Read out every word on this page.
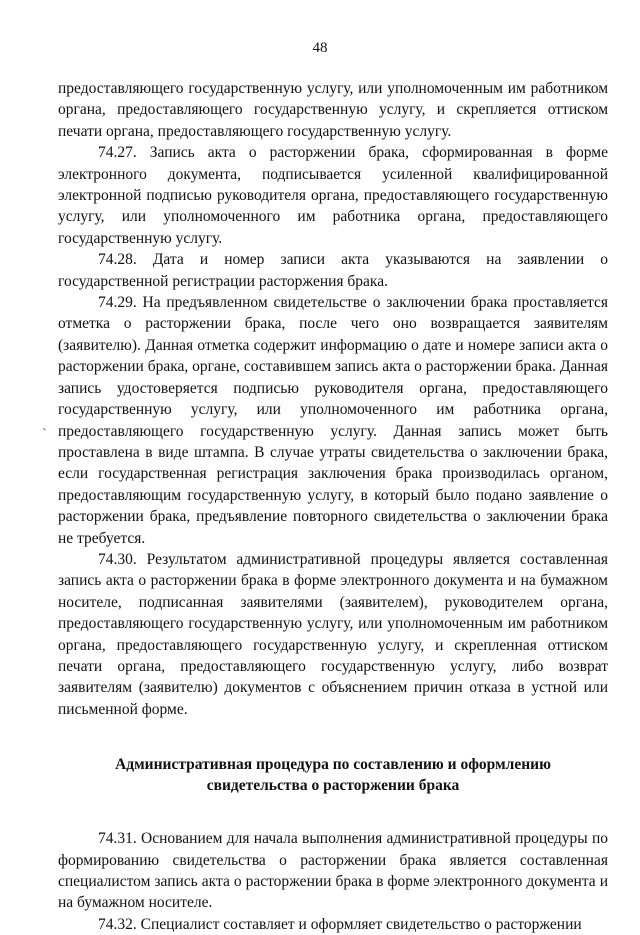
48
ˋ

предоставляющего государственную услугу, или уполномоченным им работником органа, предоставляющего государственную услугу, и скрепляется оттиском печати органа, предоставляющего государственную услугу.

74.27. Запись акта о расторжении брака, сформированная в форме электронного документа, подписывается усиленной квалифицированной электронной подписью руководителя органа, предоставляющего государственную услугу, или уполномоченного им работника органа, предоставляющего государственную услугу.

74.28. Дата и номер записи акта указываются на заявлении о государственной регистрации расторжения брака.

74.29. На предъявленном свидетельстве о заключении брака проставляется отметка о расторжении брака, после чего оно возвращается заявителям (заявителю). Данная отметка содержит информацию о дате и номере записи акта о расторжении брака, органе, составившем запись акта о расторжении брака. Данная запись удостоверяется подписью руководителя органа, предоставляющего государственную услугу, или уполномоченного им работника органа, предоставляющего государственную услугу. Данная запись может быть проставлена в виде штампа. В случае утраты свидетельства о заключении брака, если государственная регистрация заключения брака производилась органом, предоставляющим государственную услугу, в который было подано заявление о расторжении брака, предъявление повторного свидетельства о заключении брака не требуется.

74.30. Результатом административной процедуры является составленная запись акта о расторжении брака в форме электронного документа и на бумажном носителе, подписанная заявителями (заявителем), руководителем органа, предоставляющего государственную услугу, или уполномоченным им работником органа, предоставляющего государственную услугу, и скрепленная оттиском печати органа, предоставляющего государственную услугу, либо возврат заявителям (заявителю) документов с объяснением причин отказа в устной или письменной форме.

Административная процедура по составлению и оформлению
свидетельства о расторжении брака

74.31. Основанием для начала выполнения административной процедуры по формированию свидетельства о расторжении брака является составленная специалистом запись акта о расторжении брака в форме электронного документа и на бумажном носителе.

74.32. Специалист составляет и оформляет свидетельство о расторжении
